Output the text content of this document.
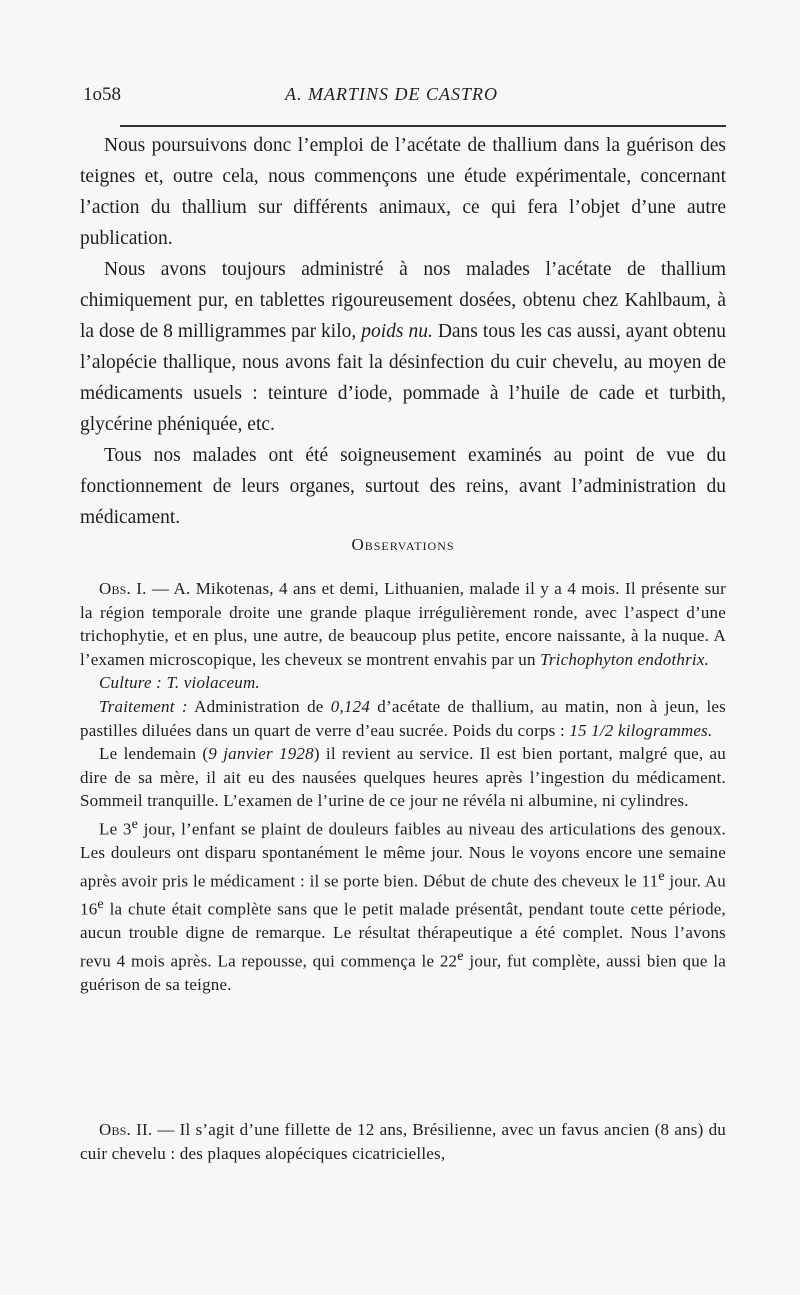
1o58	A. MARTINS DE CASTRO

Nous poursuivons donc l’emploi de l’acétate de thallium dans la guérison des teignes et, outre cela, nous commençons une étude expérimentale, concernant l’action du thallium sur différents animaux, ce qui fera l’objet d’une autre publication.

Nous avons toujours administré à nos malades l’acétate de thallium chimiquement pur, en tablettes rigoureusement dosées, obtenu chez Kahlbaum, à la dose de 8 milligrammes par kilo, poids nu. Dans tous les cas aussi, ayant obtenu l’alopécie thallique, nous avons fait la désinfection du cuir chevelu, au moyen de médicaments usuels : teinture d’iode, pommade à l’huile de cade et turbith, glycérine phéniquée, etc.

Tous nos malades ont été soigneusement examinés au point de vue du fonctionnement de leurs organes, surtout des reins, avant l’administration du médicament.

Observations

Obs. I. — A. Mikotenas, 4 ans et demi, Lithuanien, malade il y a 4 mois. Il présente sur la région temporale droite une grande plaque irrégulièrement ronde, avec l’aspect d’une trichophytie, et en plus, une autre, de beaucoup plus petite, encore naissante, à la nuque. A l’examen microscopique, les cheveux se montrent envahis par un Trichophyton endothrix.

Culture : T. violaceum.

Traitement : Administration de 0,124 d’acétate de thallium, au matin, non à jeun, les pastilles diluées dans un quart de verre d’eau sucrée. Poids du corps : 15 1/2 kilogrammes.

Le lendemain (9 janvier 1928) il revient au service. Il est bien portant, malgré que, au dire de sa mère, il ait eu des nausées quelques heures après l’ingestion du médicament. Sommeil tranquille. L’examen de l’urine de ce jour ne révéla ni albumine, ni cylindres.

Le 3e jour, l’enfant se plaint de douleurs faibles au niveau des articulations des genoux. Les douleurs ont disparu spontanément le même jour. Nous le voyons encore une semaine après avoir pris le médicament : il se porte bien. Début de chute des cheveux le 11e jour. Au 16e la chute était complète sans que le petit malade présentât, pendant toute cette période, aucun trouble digne de remarque. Le résultat thérapeutique a été complet. Nous l’avons revu 4 mois après. La repousse, qui commença le 22e jour, fut complète, aussi bien que la guérison de sa teigne.

Obs. II. — Il s’agit d’une fillette de 12 ans, Brésilienne, avec un favus ancien (8 ans) du cuir chevelu : des plaques alopéciques cicatricielles,
